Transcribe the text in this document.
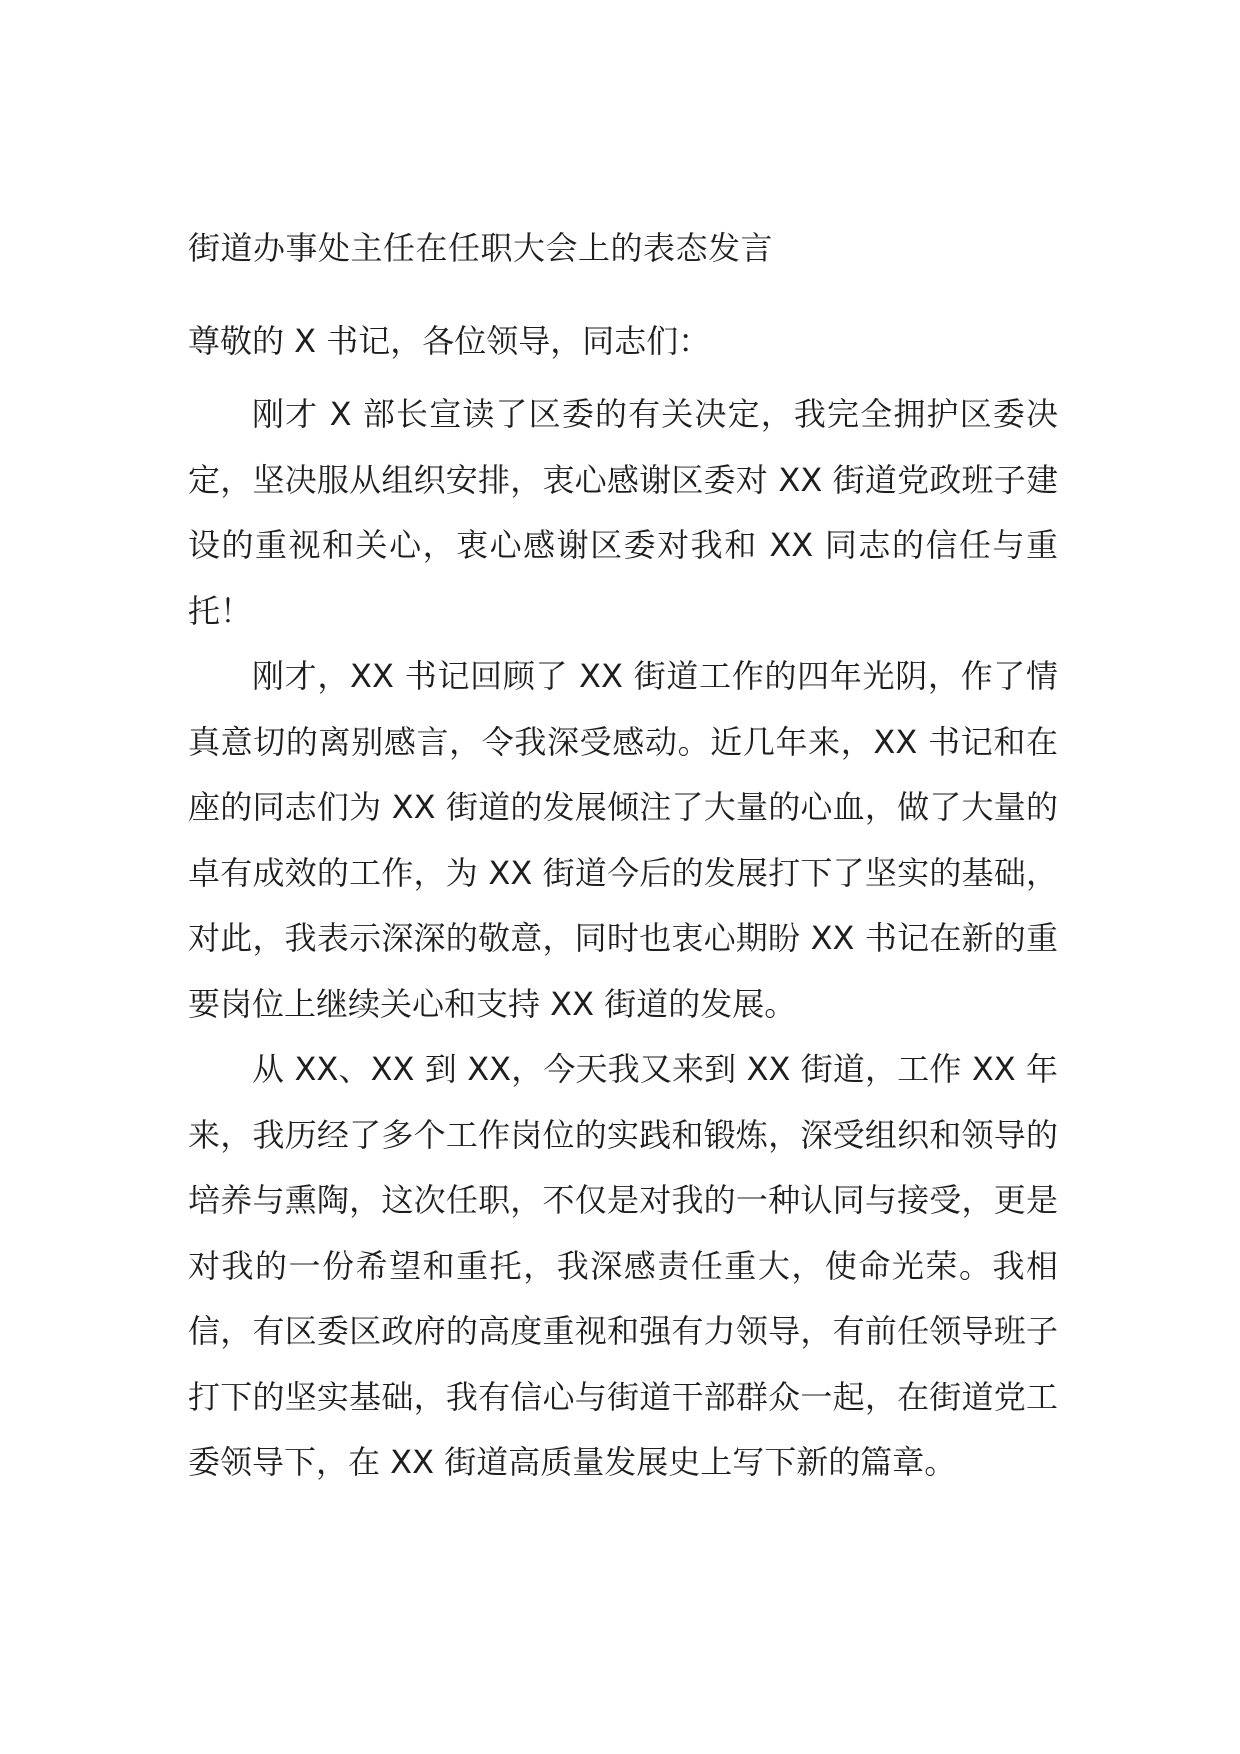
街道办事处主任在任职大会上的表态发言
尊敬的 X 书记，各位领导，同志们：

刚才 X 部长宣读了区委的有关决定，我完全拥护区委决定，坚决服从组织安排，衷心感谢区委对 XX 街道党政班子建设的重视和关心，衷心感谢区委对我和 XX 同志的信任与重托！

刚才，XX 书记回顾了 XX 街道工作的四年光阴，作了情真意切的离别感言，令我深受感动。近几年来，XX 书记和在座的同志们为 XX 街道的发展倾注了大量的心血，做了大量的卓有成效的工作，为 XX 街道今后的发展打下了坚实的基础，对此，我表示深深的敬意，同时也衷心期盼 XX 书记在新的重要岗位上继续关心和支持 XX 街道的发展。

从 XX、XX 到 XX，今天我又来到 XX 街道，工作 XX 年来，我历经了多个工作岗位的实践和锻炼，深受组织和领导的培养与熏陶，这次任职，不仅是对我的一种认同与接受，更是对我的一份希望和重托，我深感责任重大，使命光荣。我相信，有区委区政府的高度重视和强有力领导，有前任领导班子打下的坚实基础，我有信心与街道干部群众一起，在街道党工委领导下，在 XX 街道高质量发展史上写下新的篇章。
